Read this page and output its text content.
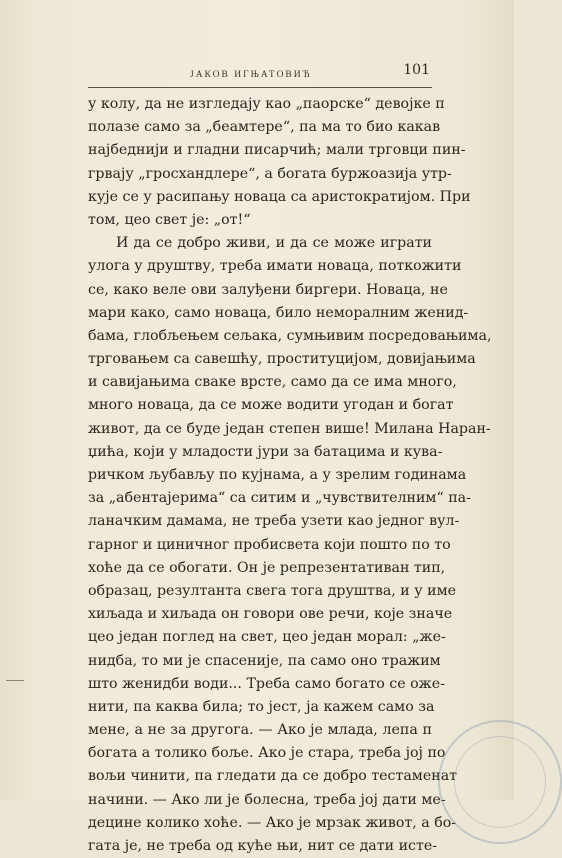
ЈАКОВ ИГЊАТОВИЋ	101
у колу, да не изгледају као „паорске“ девојке п
полазе само за „беамтере“, па ма то био какав
најбеднији и гладни писарчић; мали трговци пин-
грвају „гросхандлере“, а богата буржоазија утр-
кује се у расипању новаца са аристократијом. При
том, цео свет је: „от!“
И да се добро живи, и да се може играти
улога у друштву, треба имати новаца, поткожити
се, како веле ови залуђени биргери. Новаца, не
мари како, само новаца, било неморалним женид-
бама, глобљењем сељака, сумњивим посредовањима,
трговањем са савешћу, проституцијом, довијањима
и савијањима сваке врсте, само да се има много,
много новаца, да се може водити угодан и богат
живот, да се буде један степен више! Милана Наран-
џића, који у младости јури за батацима и кува-
ричком љубављу по кујнама, а у зрелим годинама
за „абентајерима“ са ситим и „чувствителним“ па-
ланачким дамама, не треба узети као једног вул-
гарног и циничног пробисвета који пошто по то
хоће да се обогати. Он је репрезентативан тип,
образац, резултанта свега тога друштва, и у име
хиљада и хиљада он говори ове речи, које значе
цео један поглед на свет, цео један морал: „же-
нидба, то ми је спасеније, па само оно тражим
што женидби води... Треба само богато се оже-
нити, па каква била; то јест, ја кажем само за
мене, а не за другога. — Ако је млада, лепа п
богата а толико боље. Ако је стара, треба јој по
вољи чинити, па гледати да се добро тестаменат
начини. — Ако ли је болесна, треба јој дати ме-
децине колико хоће. — Ако је мрзак живот, а бо-
гата је, не треба од куће њи, нит се дати исте-
